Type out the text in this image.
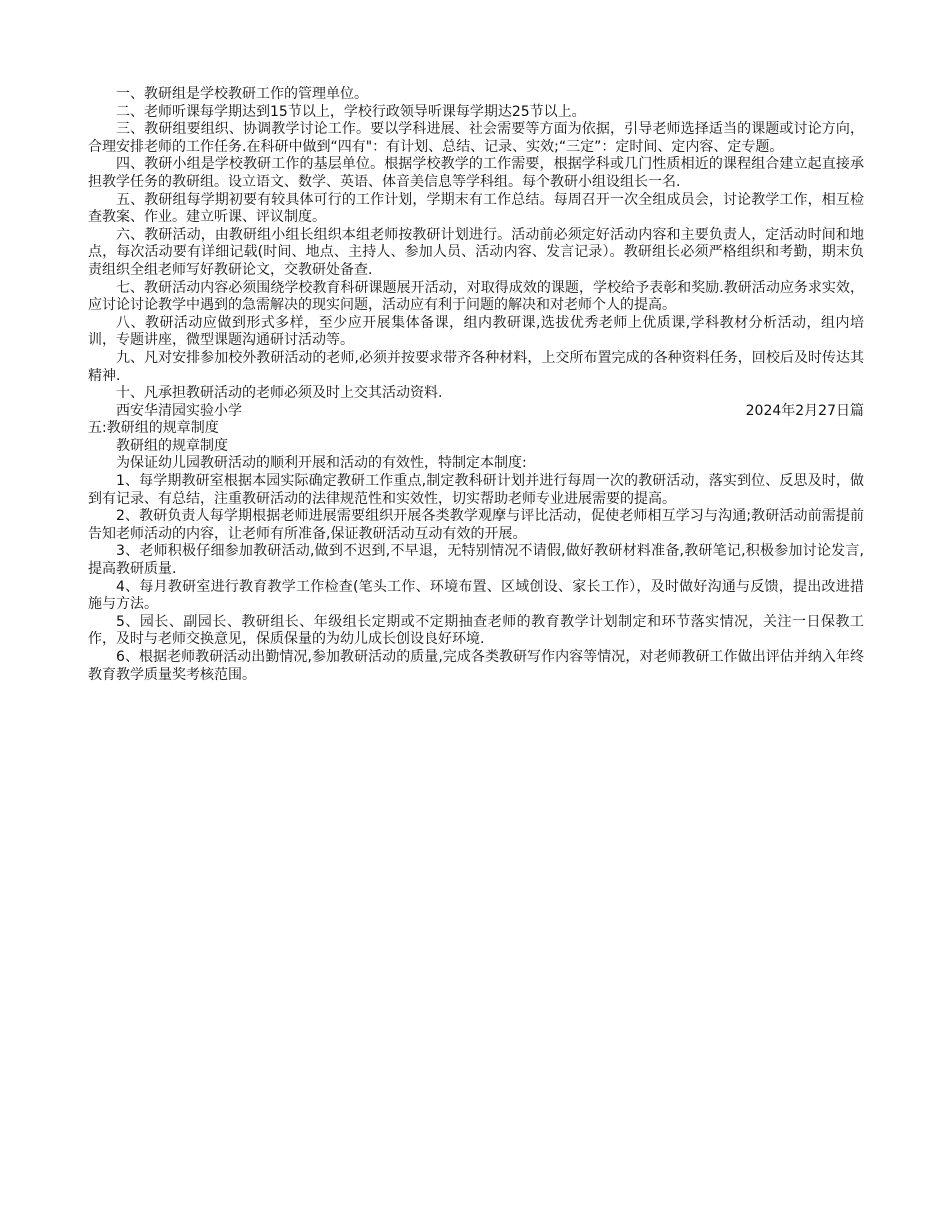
一、教研组是学校教研工作的管理单位。

二、老师听课每学期达到15节以上，学校行政领导听课每学期达25节以上。

三、教研组要组织、协调教学讨论工作。要以学科进展、社会需要等方面为依据，引导老师选择适当的课题或讨论方向，合理安排老师的工作任务.在科研中做到“四有"：有计划、总结、记录、实效;“三定”：定时间、定内容、定专题。

四、教研小组是学校教研工作的基层单位。根据学校教学的工作需要，根据学科或几门性质相近的课程组合建立起直接承担教学任务的教研组。设立语文、数学、英语、体音美信息等学科组。每个教研小组设组长一名.

五、教研组每学期初要有较具体可行的工作计划，学期末有工作总结。每周召开一次全组成员会，讨论教学工作，相互检查教案、作业。建立听课、评议制度。

六、教研活动，由教研组小组长组织本组老师按教研计划进行。活动前必须定好活动内容和主要负责人，定活动时间和地点，每次活动要有详细记载(时间、地点、主持人、参加人员、活动内容、发言记录）。教研组长必须严格组织和考勤，期末负责组织全组老师写好教研论文，交教研处备查.

七、教研活动内容必须围绕学校教育科研课题展开活动，对取得成效的课题，学校给予表彰和奖励.教研活动应务求实效，应讨论讨论教学中遇到的急需解决的现实问题，活动应有利于问题的解决和对老师个人的提高。

八、教研活动应做到形式多样，至少应开展集体备课，组内教研课,选拔优秀老师上优质课,学科教材分析活动，组内培训，专题讲座，微型课题沟通研讨活动等。

九、凡对安排参加校外教研活动的老师,必须并按要求带齐各种材料，上交所布置完成的各种资料任务，回校后及时传达其精神.

十、凡承担教研活动的老师必须及时上交其活动资料.

西安华清园实验小学	2024年2月27日篇

五:教研组的规章制度

教研组的规章制度

为保证幼儿园教研活动的顺利开展和活动的有效性，特制定本制度:

1、每学期教研室根据本园实际确定教研工作重点,制定教科研计划并进行每周一次的教研活动，落实到位、反思及时，做到有记录、有总结，注重教研活动的法律规范性和实效性，切实帮助老师专业进展需要的提高。

2、教研负责人每学期根据老师进展需要组织开展各类教学观摩与评比活动，促使老师相互学习与沟通;教研活动前需提前告知老师活动的内容，让老师有所准备,保证教研活动互动有效的开展。

3、老师积极仔细参加教研活动,做到不迟到,不早退，无特别情况不请假,做好教研材料准备,教研笔记,积极参加讨论发言,提高教研质量.

4、每月教研室进行教育教学工作检查(笔头工作、环境布置、区域创设、家长工作），及时做好沟通与反馈，提出改进措施与方法。

5、园长、副园长、教研组长、年级组长定期或不定期抽查老师的教育教学计划制定和环节落实情况，关注一日保教工作，及时与老师交换意见，保质保量的为幼儿成长创设良好环境.

6、根据老师教研活动出勤情况,参加教研活动的质量,完成各类教研写作内容等情况，对老师教研工作做出评估并纳入年终教育教学质量奖考核范围。
